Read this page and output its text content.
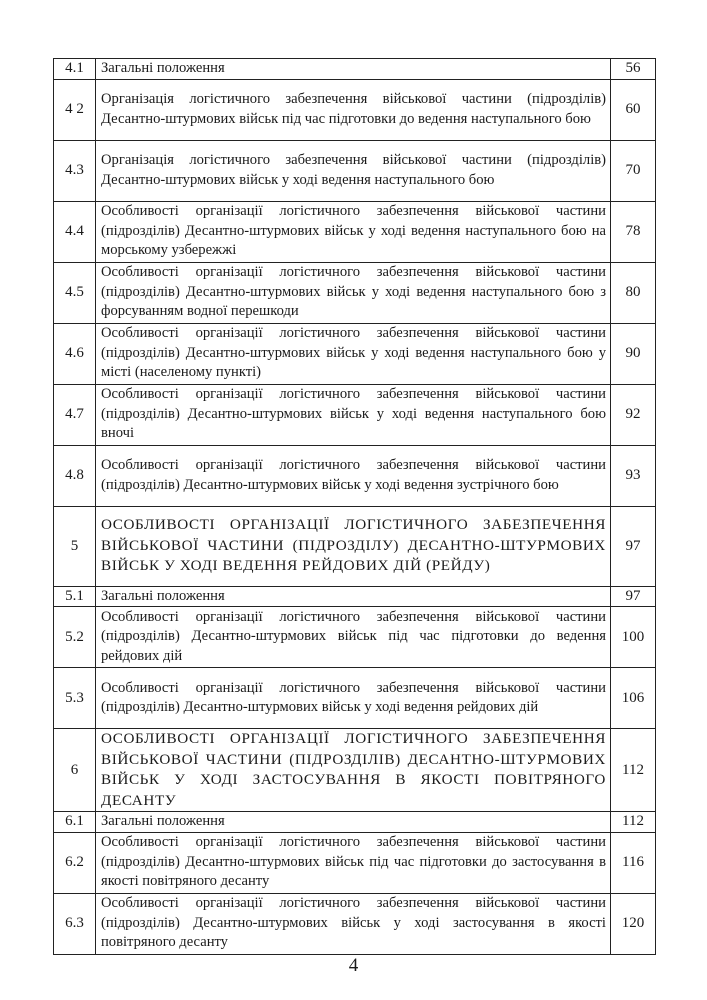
4.1	Загальні положення	56
4 2	Організація логістичного забезпечення військової частини (підрозділів) Десантно-штурмових військ під час підготовки до ведення наступального бою	60
4.3	Організація логістичного забезпечення військової частини (підрозділів) Десантно-штурмових військ у ході ведення наступального бою	70
4.4	Особливості організації логістичного забезпечення військової частини (підрозділів) Десантно-штурмових військ у ході ведення наступального бою на морському узбережжі	78
4.5	Особливості організації логістичного забезпечення військової частини (підрозділів) Десантно-штурмових військ у ході ведення наступального бою з форсуванням водної перешкоди	80
4.6	Особливості організації логістичного забезпечення військової частини (підрозділів) Десантно-штурмових військ у ході ведення наступального бою у місті (населеному пункті)	90
4.7	Особливості організації логістичного забезпечення військової частини (підрозділів) Десантно-штурмових військ у ході ведення наступального бою вночі	92
4.8	Особливості організації логістичного забезпечення військової частини (підрозділів) Десантно-штурмових військ у ході ведення зустрічного бою	93
5	ОСОБЛИВОСТІ ОРГАНІЗАЦІЇ ЛОГІСТИЧНОГО ЗАБЕЗПЕЧЕННЯ ВІЙСЬКОВОЇ ЧАСТИНИ (ПІДРОЗДІЛУ) ДЕСАНТНО-ШТУРМОВИХ ВІЙСЬК У ХОДІ ВЕДЕННЯ РЕЙДОВИХ ДІЙ (РЕЙДУ)	97
5.1	Загальні положення	97
5.2	Особливості організації логістичного забезпечення військової частини (підрозділів) Десантно-штурмових військ під час підготовки до ведення рейдових дій	100
5.3	Особливості організації логістичного забезпечення військової частини (підрозділів) Десантно-штурмових військ у ході ведення рейдових дій	106
6	ОСОБЛИВОСТІ ОРГАНІЗАЦІЇ ЛОГІСТИЧНОГО ЗАБЕЗПЕЧЕННЯ ВІЙСЬКОВОЇ ЧАСТИНИ (ПІДРОЗДІЛІВ) ДЕСАНТНО-ШТУРМОВИХ ВІЙСЬК У ХОДІ ЗАСТОСУВАННЯ В ЯКОСТІ ПОВІТРЯНОГО ДЕСАНТУ	112
6.1	Загальні положення	112
6.2	Особливості організації логістичного забезпечення військової частини (підрозділів) Десантно-штурмових військ під час підготовки до застосування в якості повітряного десанту	116
6.3	Особливості організації логістичного забезпечення військової частини (підрозділів) Десантно-штурмових військ у ході застосування в якості повітряного десанту	120
4
